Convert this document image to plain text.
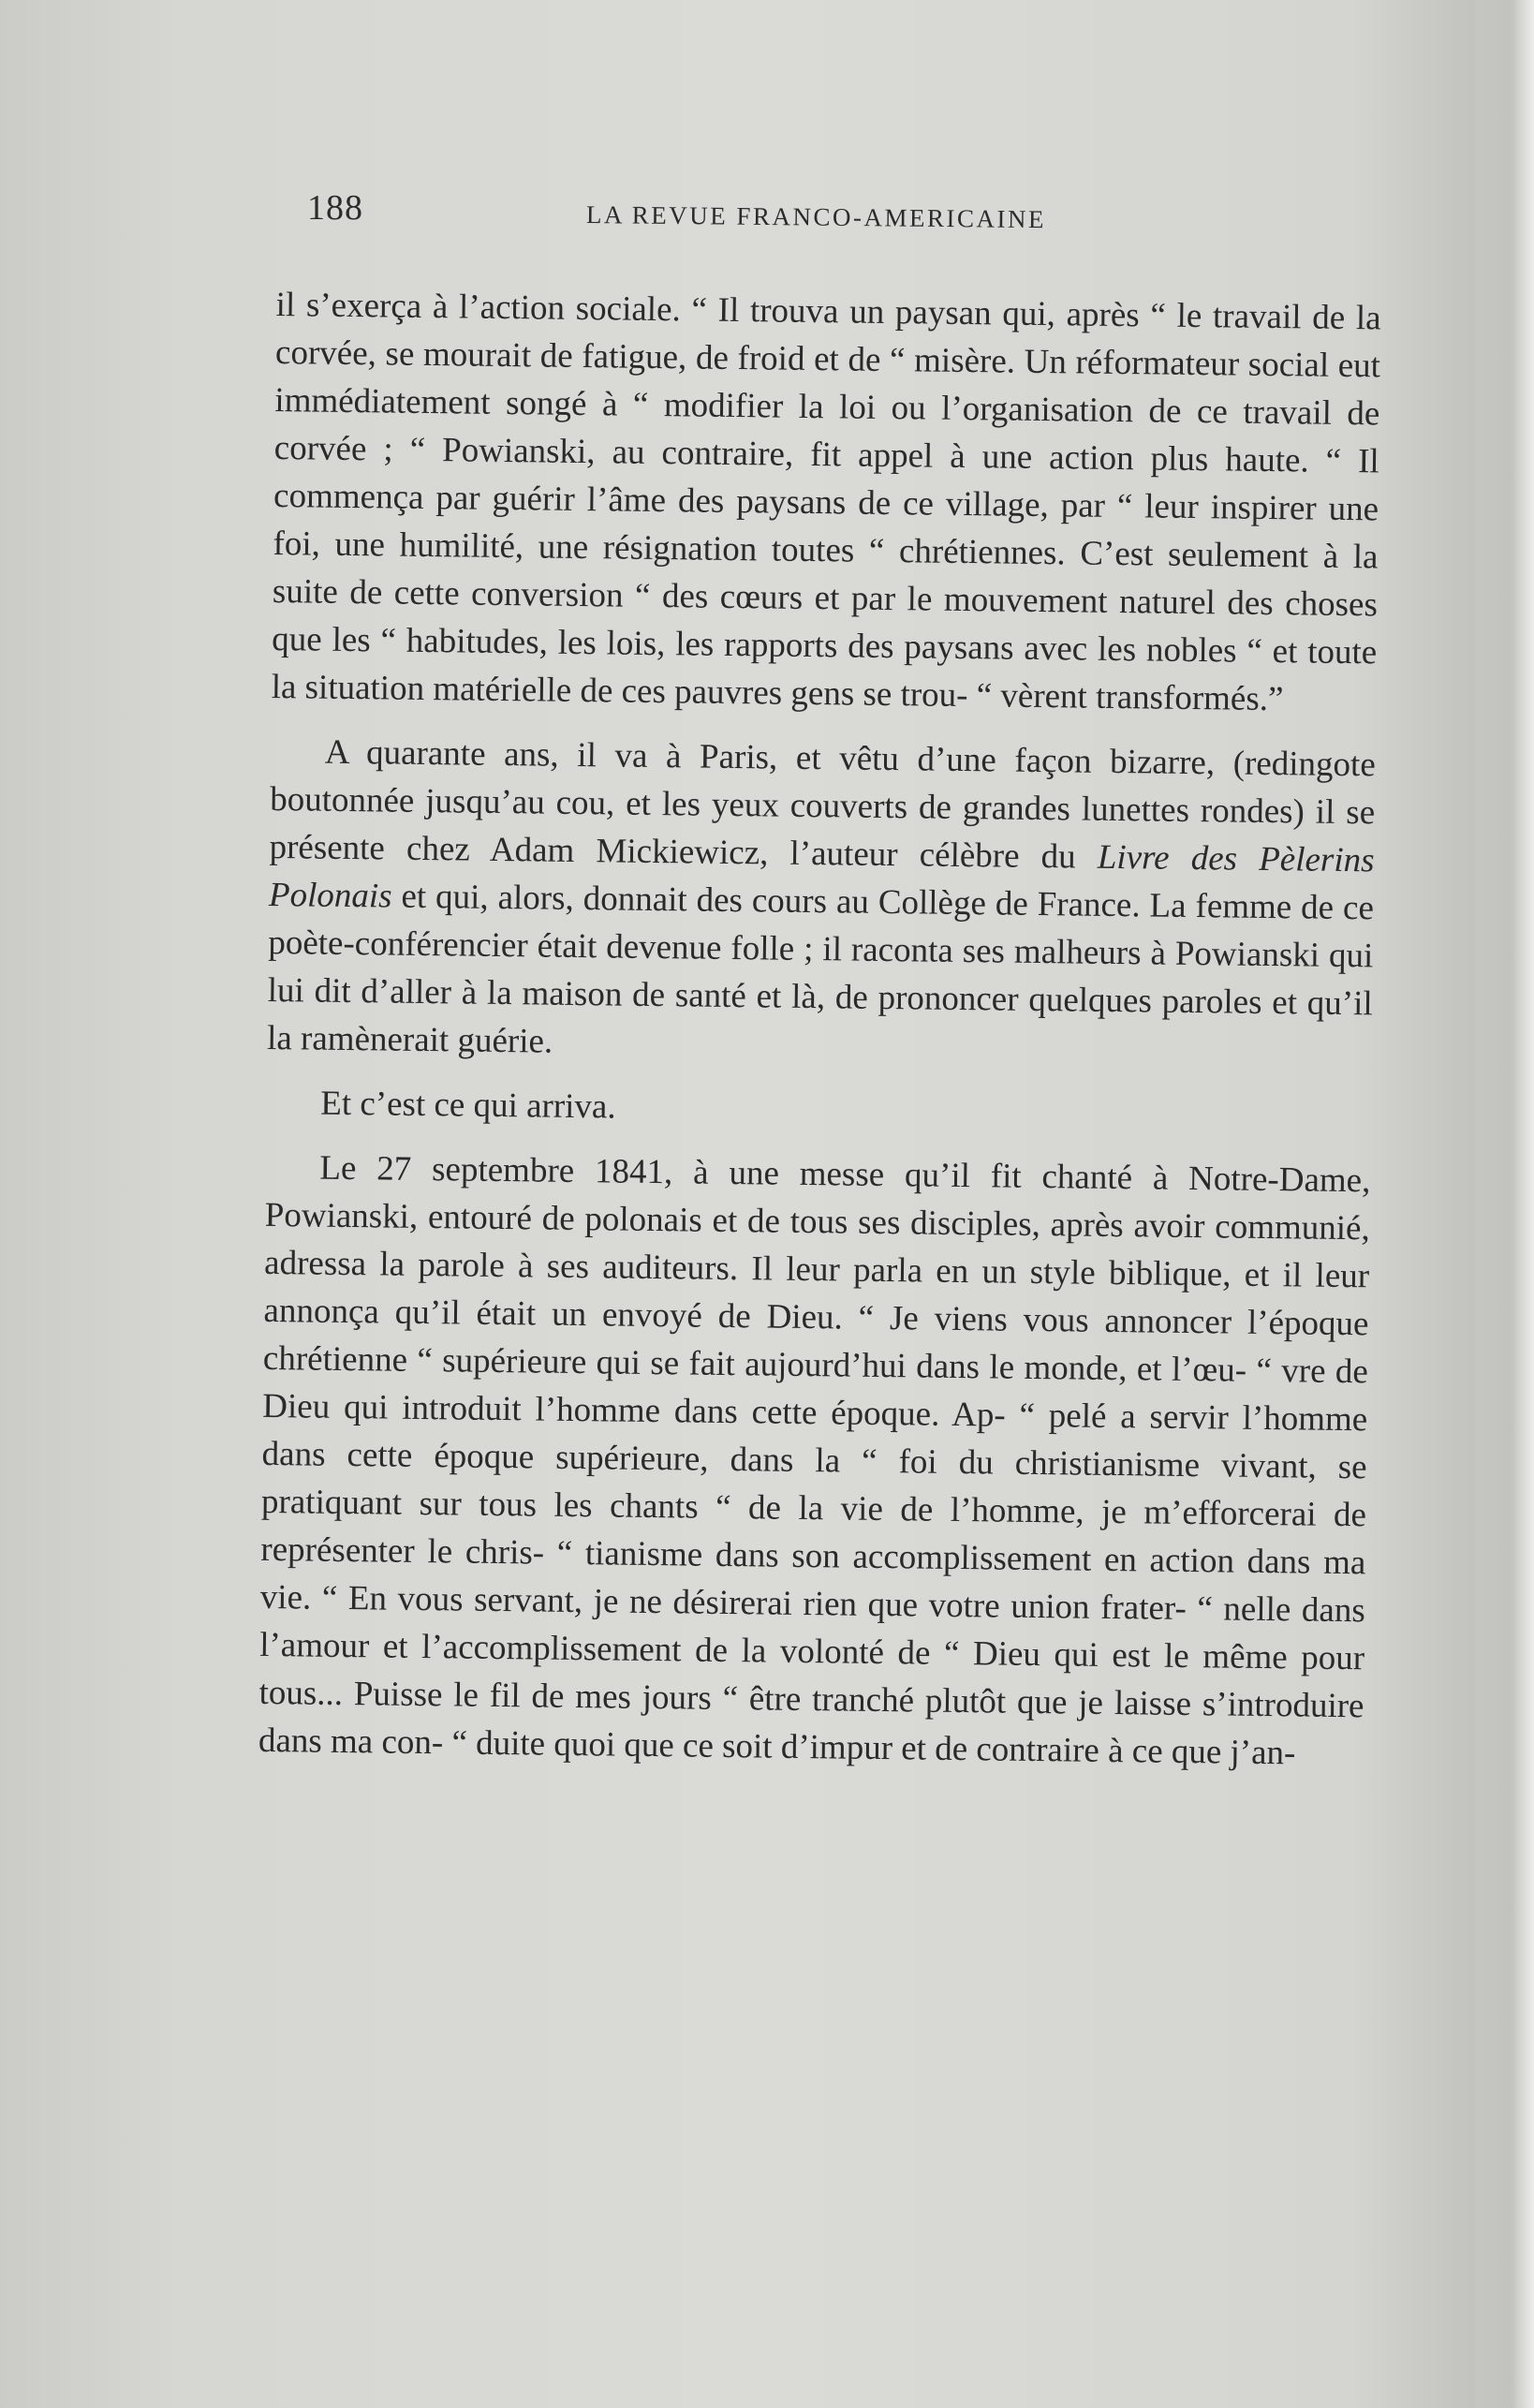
188	LA REVUE FRANCO-AMERICAINE

il s’exerça à l’action sociale. “ Il trouva un paysan qui, après “ le travail de la corvée, se mourait de fatigue, de froid et de “ misère. Un réformateur social eut immédiatement songé à “ modifier la loi ou l’organisation de ce travail de corvée ; “ Powianski, au contraire, fit appel à une action plus haute. “ Il commença par guérir l’âme des paysans de ce village, par “ leur inspirer une foi, une humilité, une résignation toutes “ chrétiennes. C’est seulement à la suite de cette conversion “ des cœurs et par le mouvement naturel des choses que les “ habitudes, les lois, les rapports des paysans avec les nobles “ et toute la situation matérielle de ces pauvres gens se trou- “ vèrent transformés.”

A quarante ans, il va à Paris, et vêtu d’une façon bizarre, (redingote boutonnée jusqu’au cou, et les yeux couverts de grandes lunettes rondes) il se présente chez Adam Mickiewicz, l’auteur célèbre du Livre des Pèlerins Polonais et qui, alors, donnait des cours au Collège de France. La femme de ce poète-conférencier était devenue folle ; il raconta ses malheurs à Powianski qui lui dit d’aller à la maison de santé et là, de prononcer quelques paroles et qu’il la ramènerait guérie.

Et c’est ce qui arriva.

Le 27 septembre 1841, à une messe qu’il fit chanté à Notre-Dame, Powianski, entouré de polonais et de tous ses disciples, après avoir communié, adressa la parole à ses auditeurs. Il leur parla en un style biblique, et il leur annonça qu’il était un envoyé de Dieu. “ Je viens vous annoncer l’époque chrétienne “ supérieure qui se fait aujourd’hui dans le monde, et l’œu- “ vre de Dieu qui introduit l’homme dans cette époque. Ap- “ pelé a servir l’homme dans cette époque supérieure, dans la “ foi du christianisme vivant, se pratiquant sur tous les chants “ de la vie de l’homme, je m’efforcerai de représenter le chris- “ tianisme dans son accomplissement en action dans ma vie. “ En vous servant, je ne désirerai rien que votre union frater- “ nelle dans l’amour et l’accomplissement de la volonté de “ Dieu qui est le même pour tous... Puisse le fil de mes jours “ être tranché plutôt que je laisse s’introduire dans ma con- “ duite quoi que ce soit d’impur et de contraire à ce que j’an-
